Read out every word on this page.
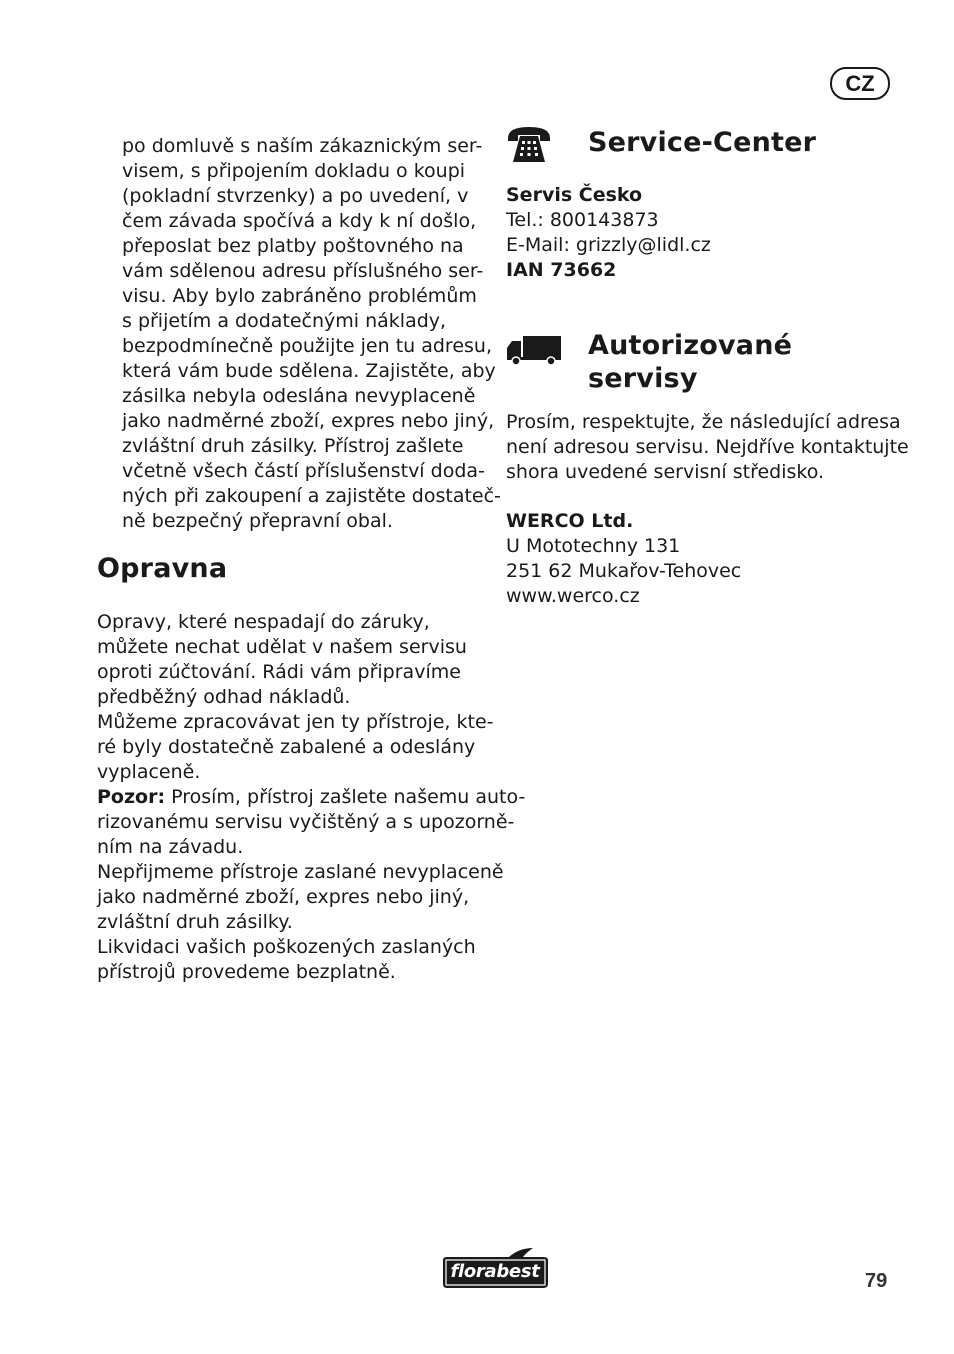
CZ
po domluvě s naším zákaznickým ser-
visem, s připojením dokladu o koupi
(pokladní stvrzenky) a po uvedení, v
čem závada spočívá a kdy k ní došlo,
přeposlat bez platby poštovného na
vám sdělenou adresu příslušného ser-
visu. Aby bylo zabráněno problémům
s přijetím a dodatečnými náklady,
bezpodmínečně použijte jen tu adresu,
která vám bude sdělena. Zajistěte, aby
zásilka nebyla odeslána nevyplaceně
jako nadměrné zboží, expres nebo jiný,
zvláštní druh zásilky. Přístroj zašlete
včetně všech částí příslušenství doda-
ných při zakoupení a zajistěte dostateč-
ně bezpečný přepravní obal.
Opravna
Opravy, které nespadají do záruky,
můžete nechat udělat v našem servisu
oproti zúčtování. Rádi vám připravíme
předběžný odhad nákladů.
Můžeme zpracovávat jen ty přístroje, kte-
ré byly dostatečně zabalené a odeslány
vyplaceně.
Pozor: Prosím, přístroj zašlete našemu auto-
rizovanému servisu vyčištěný a s upozorně-
ním na závadu.
Nepřijmeme přístroje zaslané nevyplaceně
jako nadměrné zboží, expres nebo jiný,
zvláštní druh zásilky.
Likvidaci vašich poškozených zaslaných
přístrojů provedeme bezplatně.
Service-Center
Servis Česko
Tel.: 800143873
E-Mail: grizzly@lidl.cz
IAN 73662
Autorizované
servisy
Prosím, respektujte, že následující adresa
není adresou servisu. Nejdříve kontaktujte
shora uvedené servisní středisko.
WERCO Ltd.
U Mototechny 131
251 62 Mukařov-Tehovec
www.werco.cz
florabest	79
